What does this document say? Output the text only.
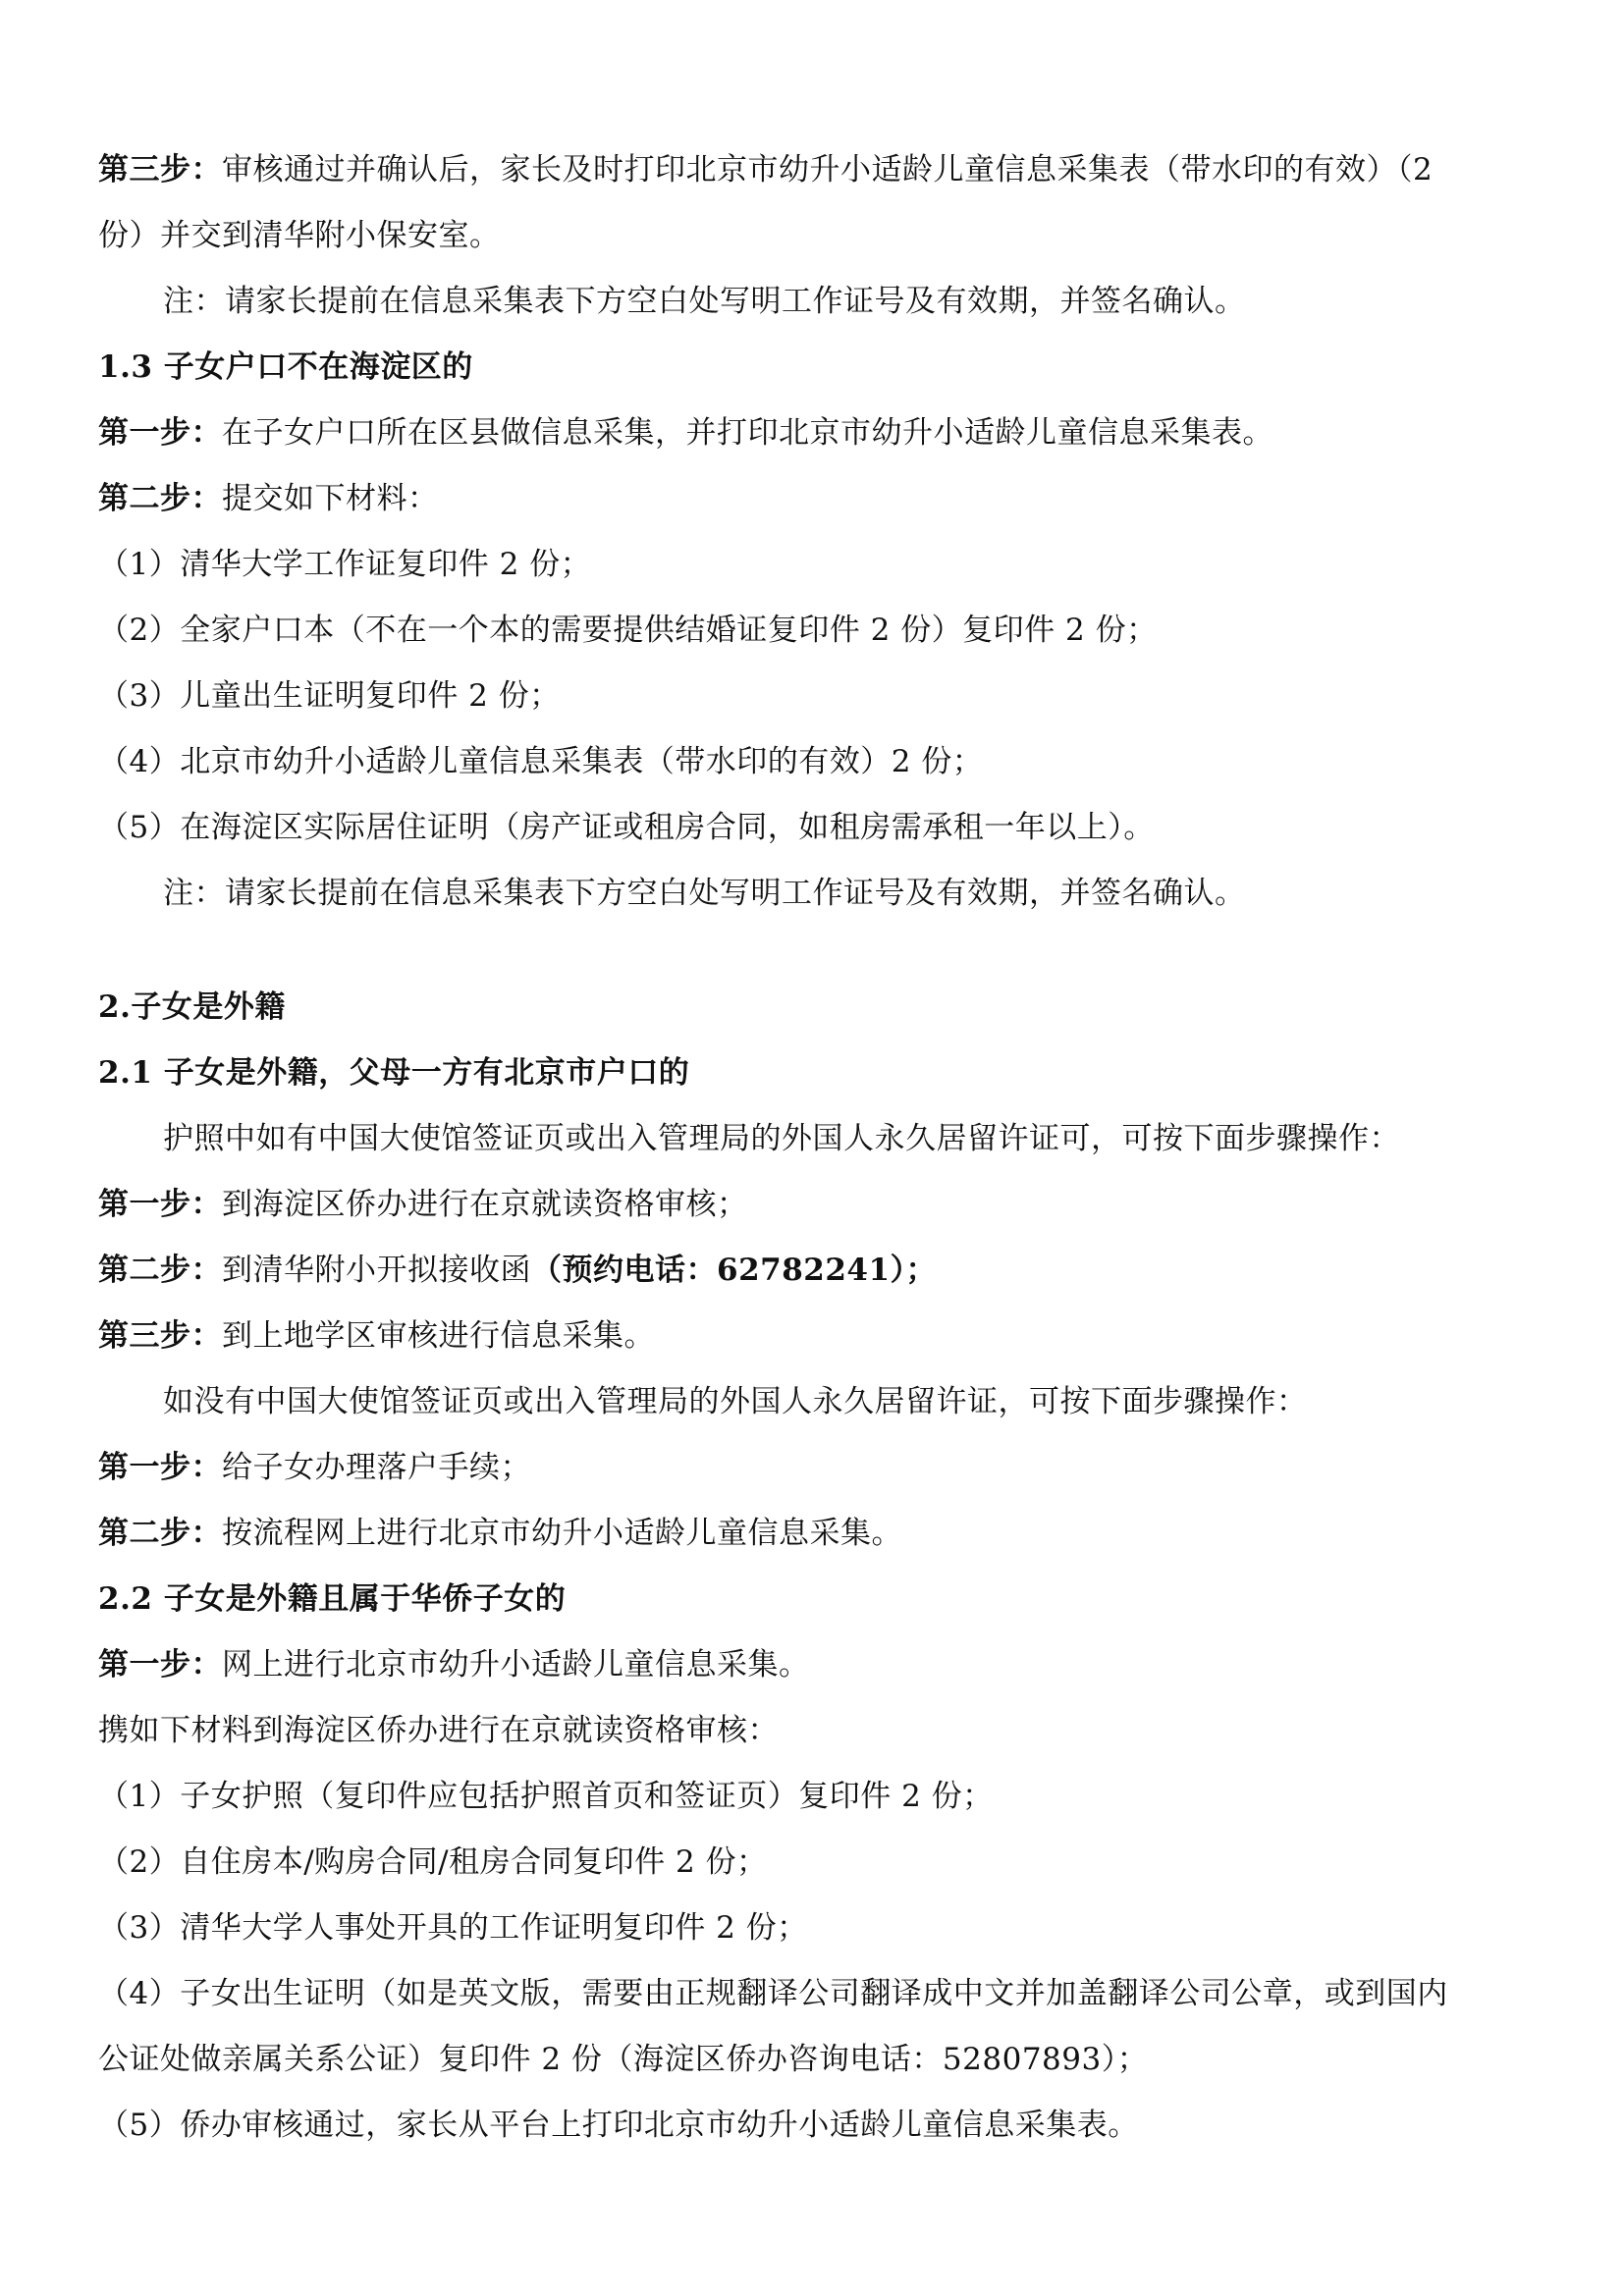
第三步：审核通过并确认后，家长及时打印北京市幼升小适龄儿童信息采集表（带水印的有效）（2

份）并交到清华附小保安室。

注：请家长提前在信息采集表下方空白处写明工作证号及有效期，并签名确认。

1.3 子女户口不在海淀区的

第一步：在子女户口所在区县做信息采集，并打印北京市幼升小适龄儿童信息采集表。

第二步：提交如下材料：

（1）清华大学工作证复印件 2 份；

（2）全家户口本（不在一个本的需要提供结婚证复印件 2 份）复印件 2 份；

（3）儿童出生证明复印件 2 份；

（4）北京市幼升小适龄儿童信息采集表（带水印的有效）2 份；

（5）在海淀区实际居住证明（房产证或租房合同，如租房需承租一年以上）。

注：请家长提前在信息采集表下方空白处写明工作证号及有效期，并签名确认。

2.子女是外籍

2.1 子女是外籍，父母一方有北京市户口的

护照中如有中国大使馆签证页或出入管理局的外国人永久居留许证可，可按下面步骤操作：

第一步：到海淀区侨办进行在京就读资格审核；

第二步：到清华附小开拟接收函（预约电话：62782241）；

第三步：到上地学区审核进行信息采集。

如没有中国大使馆签证页或出入管理局的外国人永久居留许证，可按下面步骤操作：

第一步：给子女办理落户手续；

第二步：按流程网上进行北京市幼升小适龄儿童信息采集。

2.2 子女是外籍且属于华侨子女的

第一步：网上进行北京市幼升小适龄儿童信息采集。

携如下材料到海淀区侨办进行在京就读资格审核：

（1）子女护照（复印件应包括护照首页和签证页）复印件 2 份；

（2）自住房本/购房合同/租房合同复印件 2 份；

（3）清华大学人事处开具的工作证明复印件 2 份；

（4）子女出生证明（如是英文版，需要由正规翻译公司翻译成中文并加盖翻译公司公章，或到国内

公证处做亲属关系公证）复印件 2 份（海淀区侨办咨询电话：52807893）；

（5）侨办审核通过，家长从平台上打印北京市幼升小适龄儿童信息采集表。
